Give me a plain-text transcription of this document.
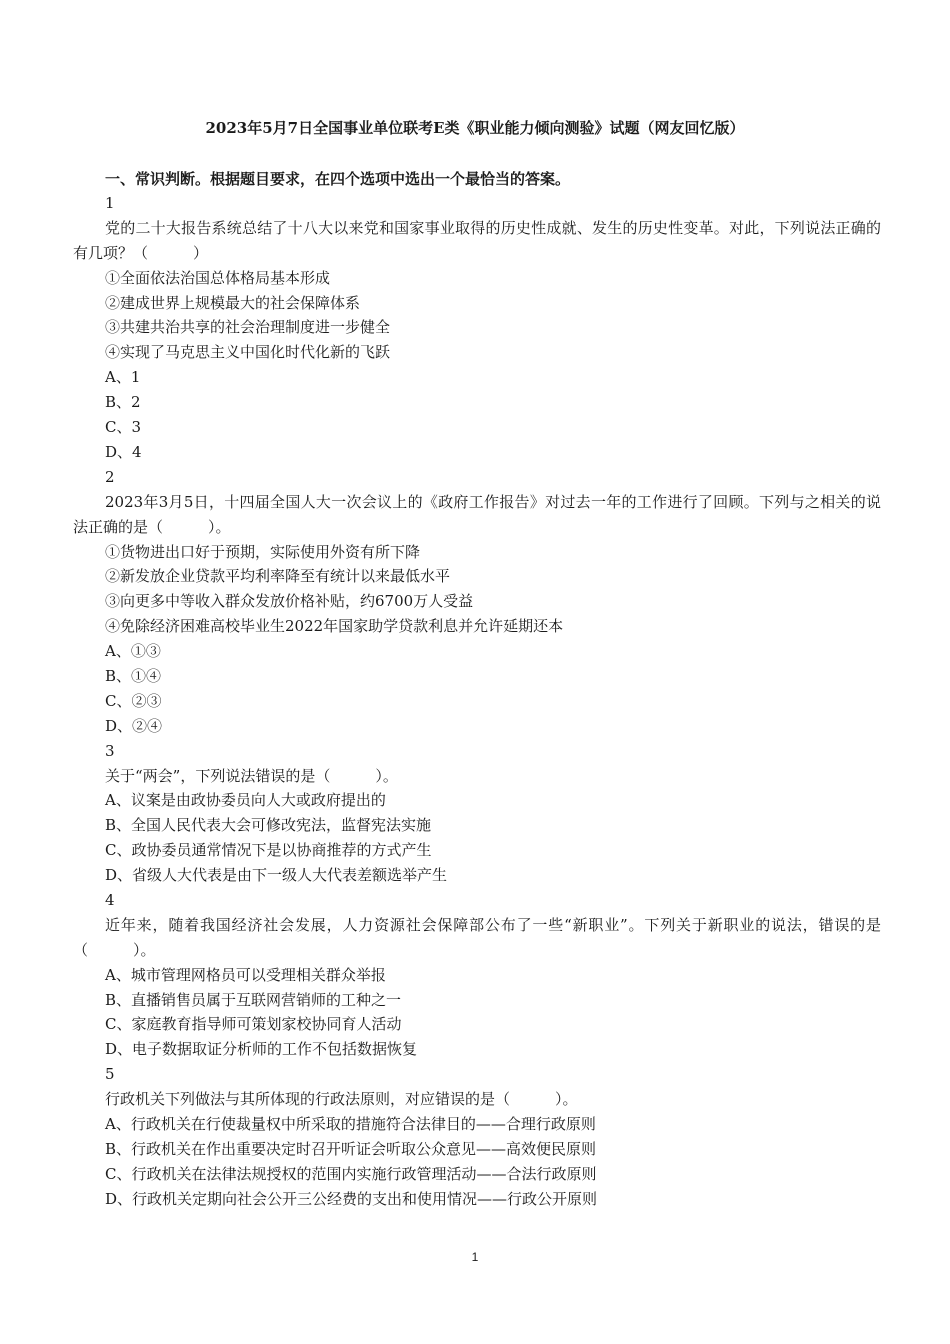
2023年5月7日全国事业单位联考E类《职业能力倾向测验》试题（网友回忆版）
一、常识判断。根据题目要求，在四个选项中选出一个最恰当的答案。
1
党的二十大报告系统总结了十八大以来党和国家事业取得的历史性成就、发生的历史性变革。对此，下列说法正确的有几项？（　　　）
①全面依法治国总体格局基本形成
②建成世界上规模最大的社会保障体系
③共建共治共享的社会治理制度进一步健全
④实现了马克思主义中国化时代化新的飞跃
A、1
B、2
C、3
D、4
2
2023年3月5日，十四届全国人大一次会议上的《政府工作报告》对过去一年的工作进行了回顾。下列与之相关的说法正确的是（　　　）。
①货物进出口好于预期，实际使用外资有所下降
②新发放企业贷款平均利率降至有统计以来最低水平
③向更多中等收入群众发放价格补贴，约6700万人受益
④免除经济困难高校毕业生2022年国家助学贷款利息并允许延期还本
A、①③
B、①④
C、②③
D、②④
3
关于“两会”，下列说法错误的是（　　　）。
A、议案是由政协委员向人大或政府提出的
B、全国人民代表大会可修改宪法，监督宪法实施
C、政协委员通常情况下是以协商推荐的方式产生
D、省级人大代表是由下一级人大代表差额选举产生
4
近年来，随着我国经济社会发展，人力资源社会保障部公布了一些“新职业”。下列关于新职业的说法，错误的是（　　　）。
A、城市管理网格员可以受理相关群众举报
B、直播销售员属于互联网营销师的工种之一
C、家庭教育指导师可策划家校协同育人活动
D、电子数据取证分析师的工作不包括数据恢复
5
行政机关下列做法与其所体现的行政法原则，对应错误的是（　　　）。
A、行政机关在行使裁量权中所采取的措施符合法律目的——合理行政原则
B、行政机关在作出重要决定时召开听证会听取公众意见——高效便民原则
C、行政机关在法律法规授权的范围内实施行政管理活动——合法行政原则
D、行政机关定期向社会公开三公经费的支出和使用情况——行政公开原则
1
